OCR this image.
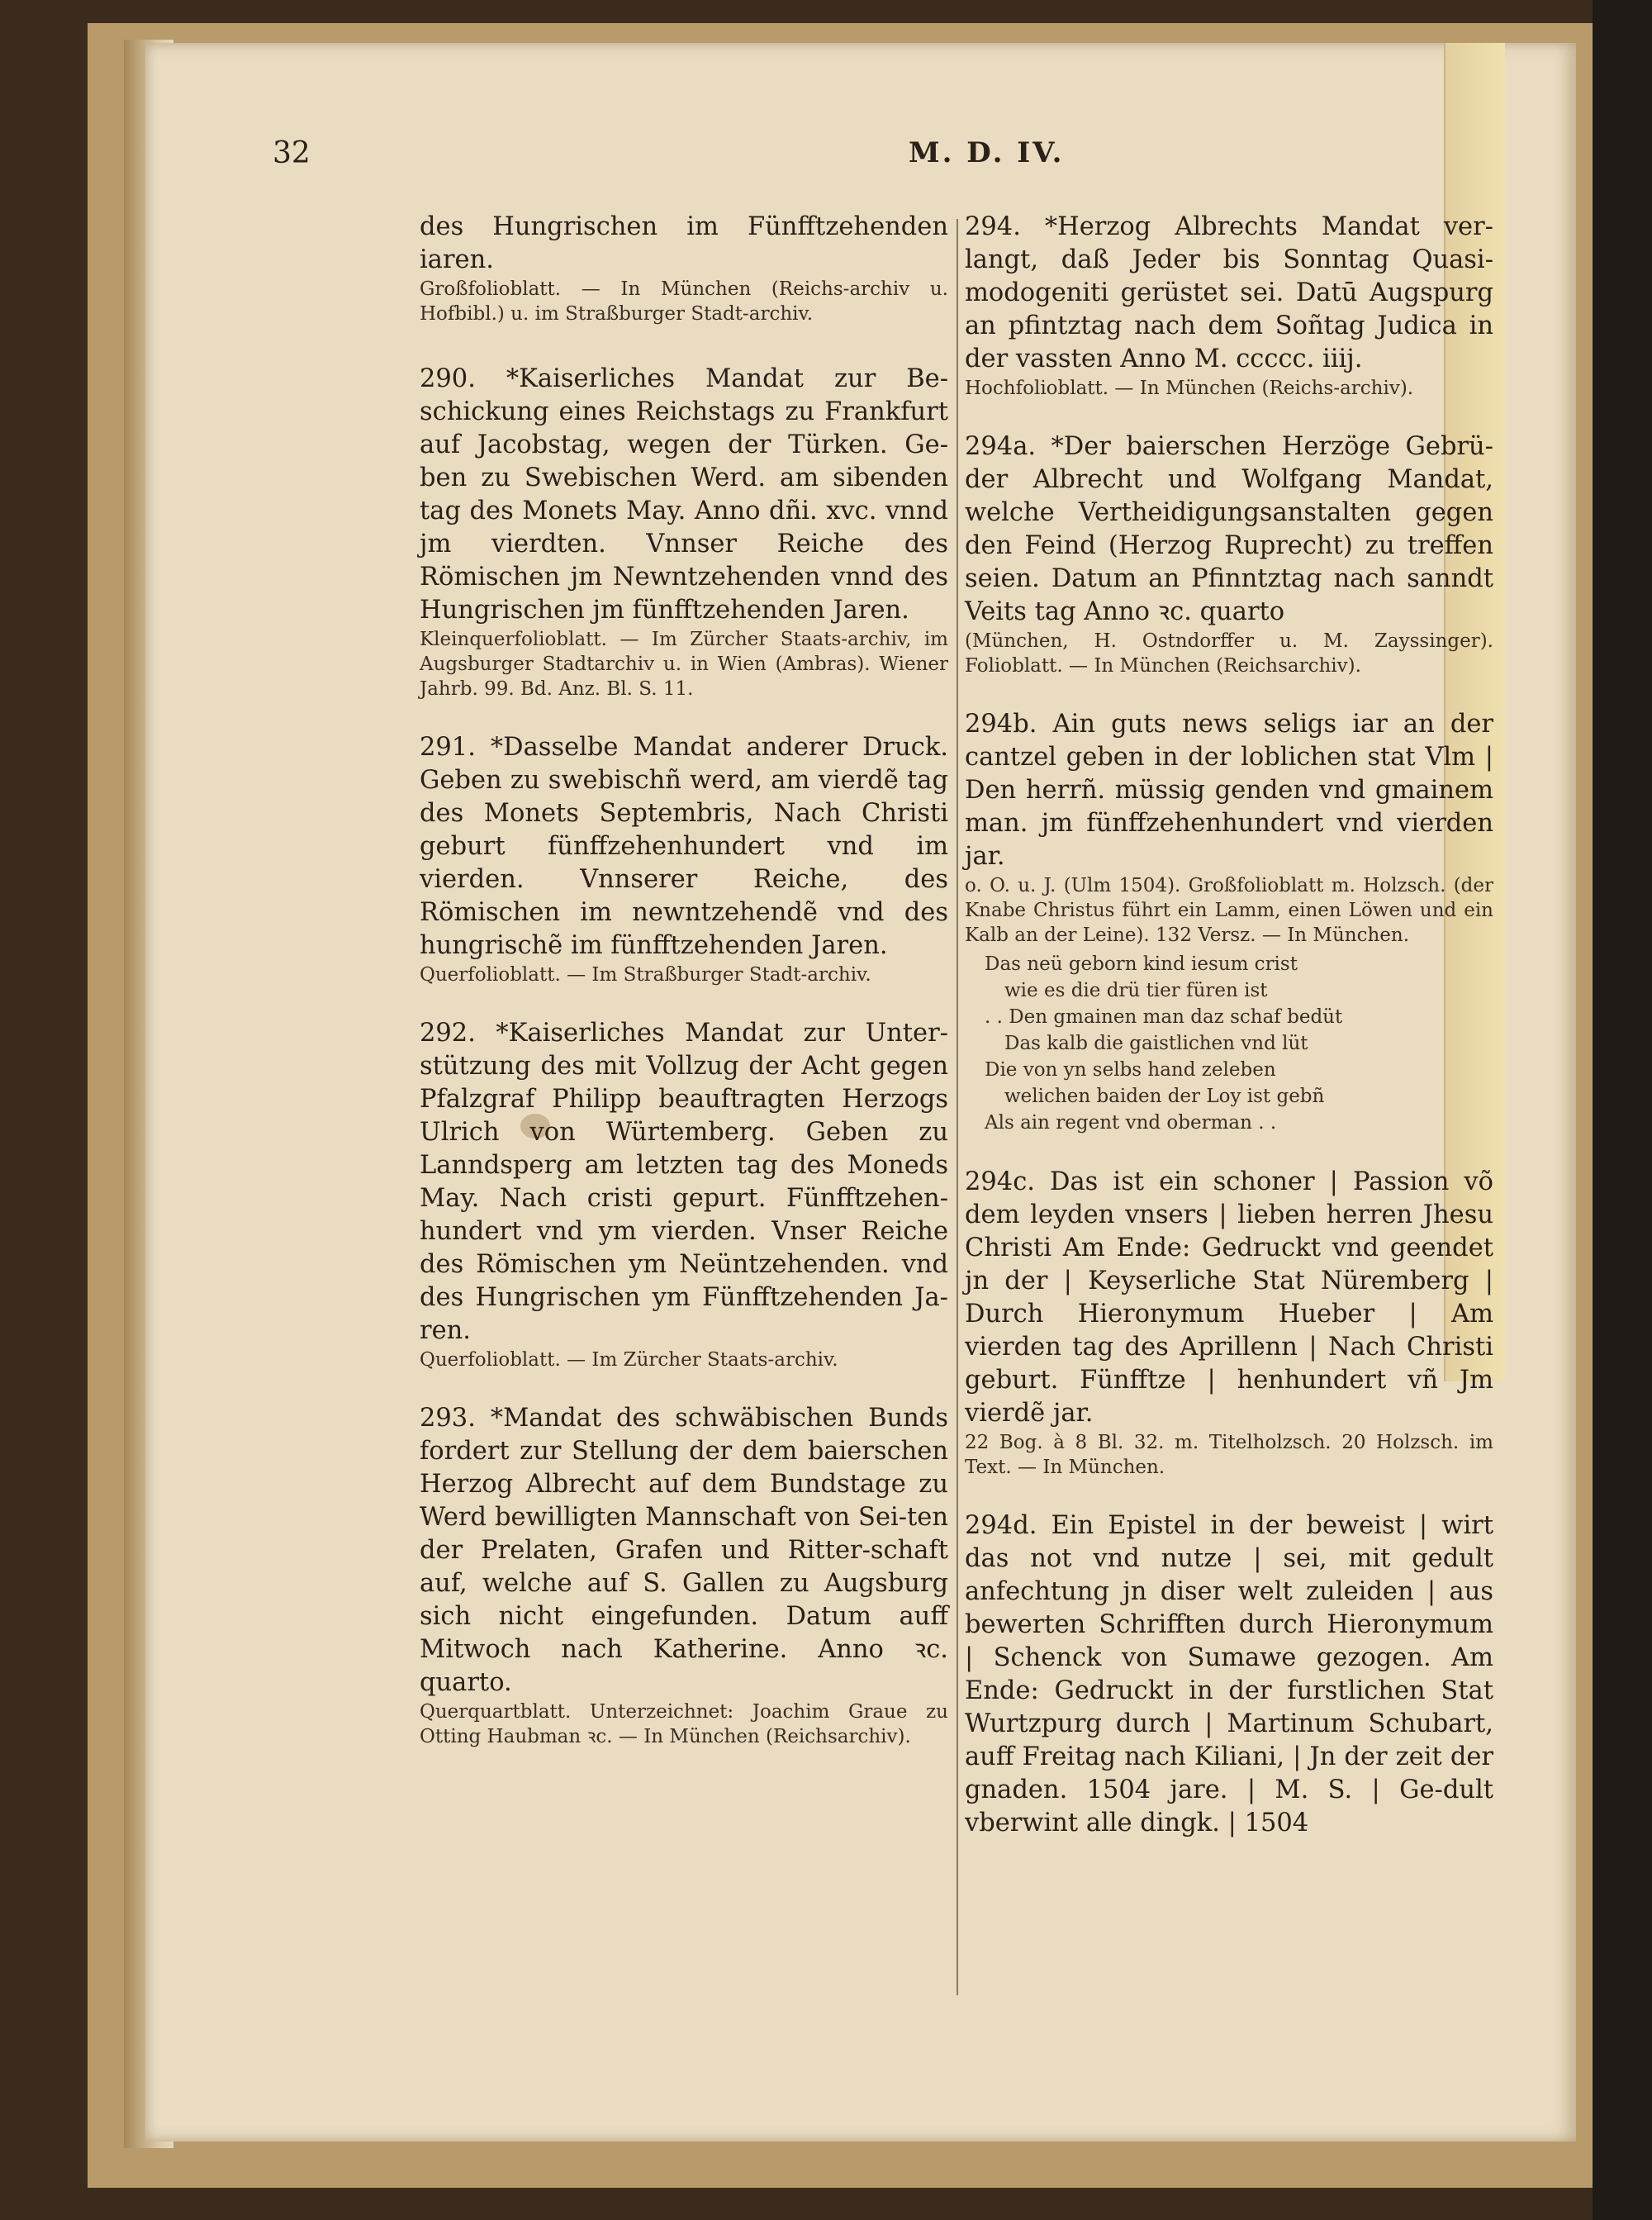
32	M. D. IV.

des Hungrischen im Fünfftzehenden iaren.

Großfolioblatt. — In München (Reichs-archiv u. Hofbibl.) u. im Straßburger Stadt-archiv.

290. *Kaiserliches Mandat zur Be-schickung eines Reichstags zu Frankfurt auf Jacobstag, wegen der Türken. Ge-ben zu Swebischen Werd. am sibenden tag des Monets May. Anno dñi. xvc. vnnd jm vierdten. Vnnser Reiche des Römischen jm Newntzehenden vnnd des Hungrischen jm fünfftzehenden Jaren.

Kleinquerfolioblatt. — Im Zürcher Staats-archiv, im Augsburger Stadtarchiv u. in Wien (Ambras). Wiener Jahrb. 99. Bd. Anz. Bl. S. 11.

291. *Dasselbe Mandat anderer Druck. Geben zu swebischñ werd, am vierdẽ tag des Monets Septembris, Nach Christi geburt fünffzehenhundert vnd im vierden. Vnnserer Reiche, des Römischen im newntzehendẽ vnd des hungrischẽ im fünfftzehenden Jaren.

Querfolioblatt. — Im Straßburger Stadt-archiv.

292. *Kaiserliches Mandat zur Unter-stützung des mit Vollzug der Acht gegen Pfalzgraf Philipp beauftragten Herzogs Ulrich von Würtemberg. Geben zu Lanndsperg am letzten tag des Moneds May. Nach cristi gepurt. Fünfftzehen-hundert vnd ym vierden. Vnser Reiche des Römischen ym Neüntzehenden. vnd des Hungrischen ym Fünfftzehenden Ja-ren.

Querfolioblatt. — Im Zürcher Staats-archiv.

293. *Mandat des schwäbischen Bunds fordert zur Stellung der dem baierschen Herzog Albrecht auf dem Bundstage zu Werd bewilligten Mannschaft von Sei-ten der Prelaten, Grafen und Ritter-schaft auf, welche auf S. Gallen zu Augsburg sich nicht eingefunden. Datum auff Mitwoch nach Katherine. Anno ꝛc. quarto.

Querquartblatt. Unterzeichnet: Joachim Graue zu Otting Haubman ꝛc. — In München (Reichsarchiv).

294. *Herzog Albrechts Mandat ver-langt, daß Jeder bis Sonntag Quasi-modogeniti gerüstet sei. Datū Augspurg an pfintztag nach dem Soñtag Judica in der vassten Anno M. ccccc. iiij.

Hochfolioblatt. — In München (Reichs-archiv).

294a. *Der baierschen Herzöge Gebrü-der Albrecht und Wolfgang Mandat, welche Vertheidigungsanstalten gegen den Feind (Herzog Ruprecht) zu treffen seien. Datum an Pfinntztag nach sanndt Veits tag Anno ꝛc. quarto

(München, H. Ostndorffer u. M. Zayssinger). Folioblatt. — In München (Reichsarchiv).

294b. Ain guts news seligs iar an der cantzel geben in der loblichen stat Vlm | Den herrñ. müssig genden vnd gmainem man. jm fünffzehenhundert vnd vierden jar.

o. O. u. J. (Ulm 1504). Großfolioblatt m. Holzsch. (der Knabe Christus führt ein Lamm, einen Löwen und ein Kalb an der Leine). 132 Versz. — In München.

Das neü geborn kind iesum crist
wie es die drü tier füren ist
. . Den gmainen man daz schaf bedüt
Das kalb die gaistlichen vnd lüt
Die von yn selbs hand zeleben
welichen baiden der Loy ist gebñ
Als ain regent vnd oberman . .

294c. Das ist ein schoner | Passion võ dem leyden vnsers | lieben herren Jhesu Christi Am Ende: Gedruckt vnd geendet jn der | Keyserliche Stat Nüremberg | Durch Hieronymum Hueber | Am vierden tag des Aprillenn | Nach Christi geburt. Fünfftze | henhundert vñ Jm vierdẽ jar.

22 Bog. à 8 Bl. 32. m. Titelholzsch. 20 Holzsch. im Text. — In München.

294d. Ein Epistel in der beweist | wirt das not vnd nutze | sei, mit gedult anfechtung jn diser welt zuleiden | aus bewerten Schrifften durch Hieronymum | Schenck von Sumawe gezogen. Am Ende: Gedruckt in der furstlichen Stat Wurtzpurg durch | Martinum Schubart, auff Freitag nach Kiliani, | Jn der zeit der gnaden. 1504 jare. | M. S. | Ge-dult vberwint alle dingk. | 1504
